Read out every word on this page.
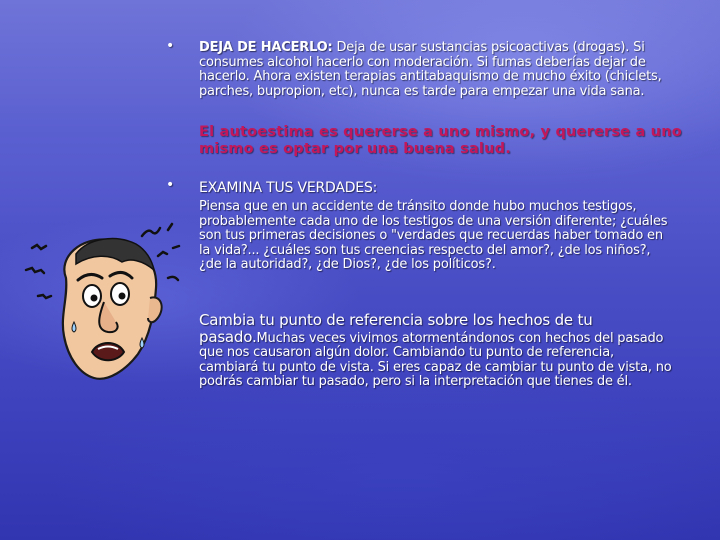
•
•
DEJA DE HACERLO: Deja de usar sustancias psicoactivas (drogas). Si consumes alcohol hacerlo con moderación. Si fumas deberías dejar de hacerlo. Ahora existen terapias antitabaquismo de mucho éxito (chiclets, parches, bupropion, etc), nunca es tarde para empezar una vida sana.
El autoestima es quererse a uno mismo, y quererse a uno mismo es optar por una buena salud.
EXAMINA TUS VERDADES:
Piensa que en un accidente de tránsito donde hubo muchos testigos, probablemente cada uno de los testigos de una versión diferente; ¿cuáles son tus primeras decisiones o "verdades que recuerdas haber tomado en la vida?... ¿cuáles son tus creencias respecto del amor?, ¿de los niños?, ¿de la autoridad?, ¿de Dios?, ¿de los políticos?.
Cambia tu punto de referencia sobre los hechos de tu pasado.Muchas veces vivimos atormentándonos con hechos del pasado que nos causaron algún dolor. Cambiando tu punto de referencia, cambiará tu punto de vista. Si eres capaz de cambiar tu punto de vista, no podrás cambiar tu pasado, pero si la interpretación que tienes de él.
